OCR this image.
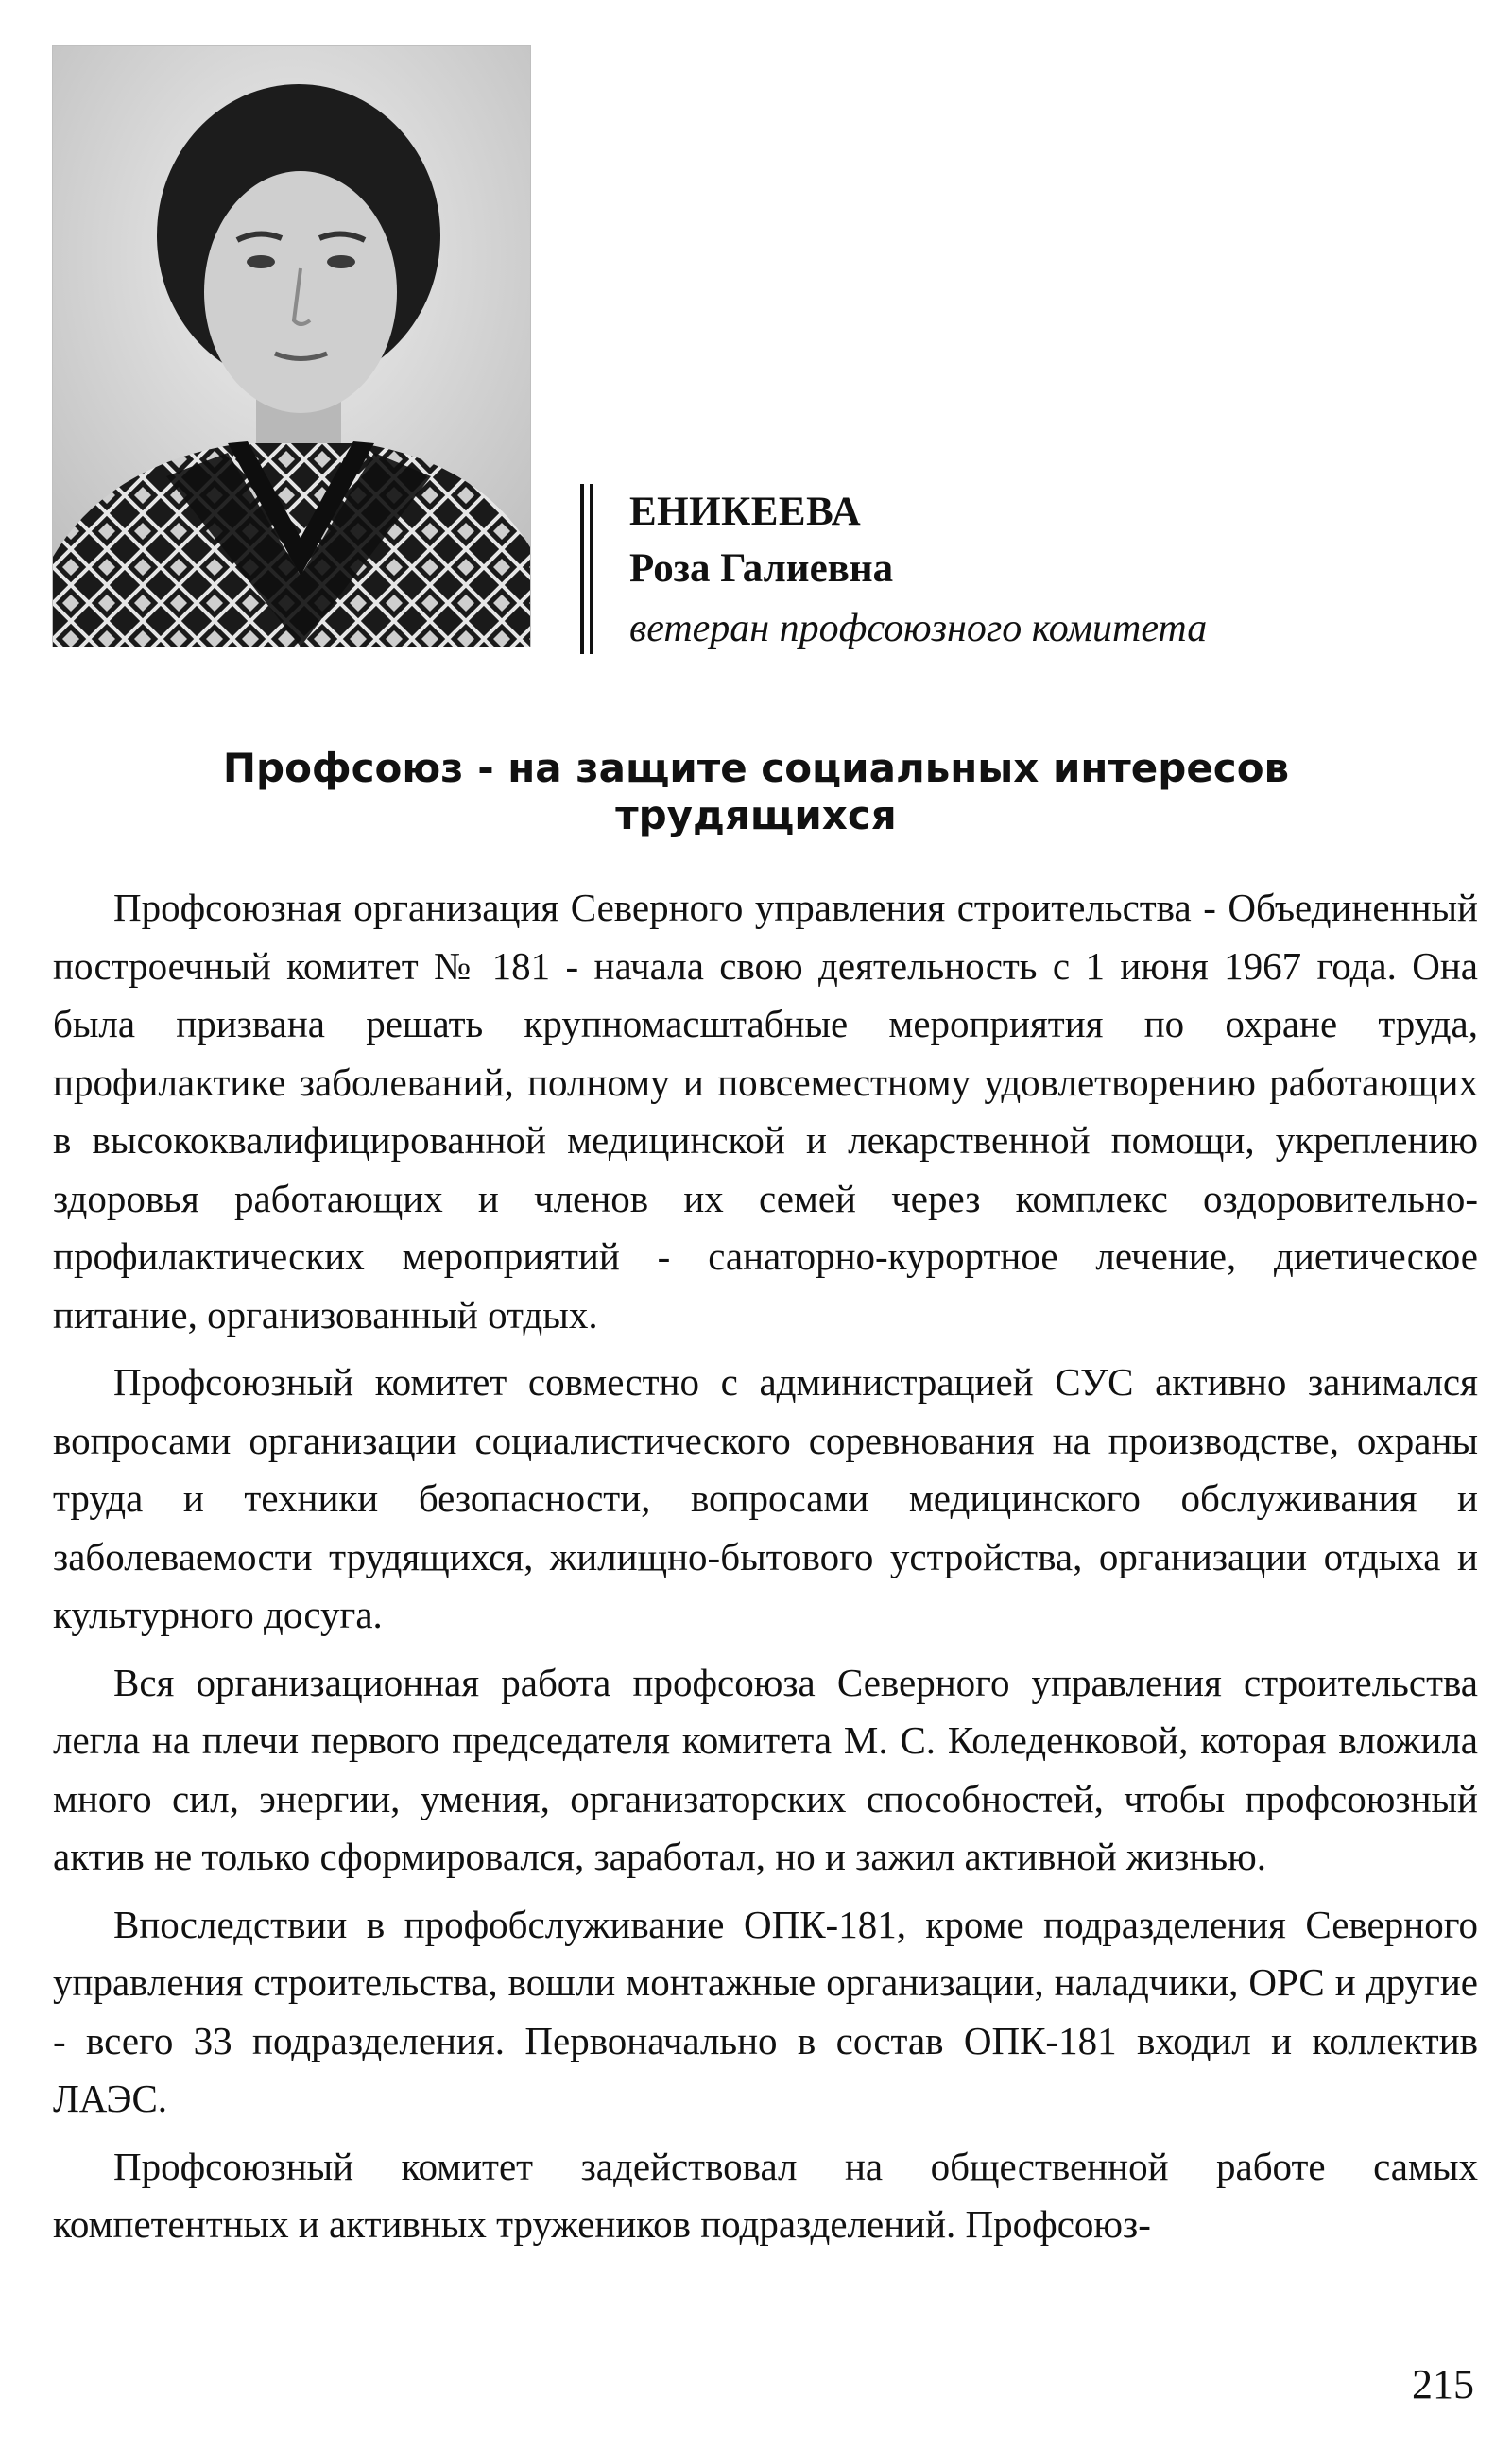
ЕНИКЕЕВА
Роза Галиевна
ветеран профсоюзного комитета
Профсоюз - на защите социальных интересов
трудящихся

Профсоюзная организация Северного управления строительства - Объединенный построечный комитет № 181 - начала свою деятельность с 1 июня 1967 года. Она была призвана решать крупномасштабные мероприятия по охране труда, профилактике заболеваний, полному и повсеместному удовлетворению работающих в высококвалифицированной медицинской и лекарственной помощи, укреплению здоровья работающих и членов их семей через комплекс оздоровительно-профилактических мероприятий - санаторно-курортное лечение, диетическое питание, организованный отдых.

Профсоюзный комитет совместно с администрацией СУС активно занимался вопросами организации социалистического соревнования на производстве, охраны труда и техники безопасности, вопросами медицинского обслуживания и заболеваемости трудящихся, жилищно-бытового устройства, организации отдыха и культурного досуга.

Вся организационная работа профсоюза Северного управления строительства легла на плечи первого председателя комитета М. С. Коледенковой, которая вложила много сил, энергии, умения, организаторских способностей, чтобы профсоюзный актив не только сформировался, заработал, но и зажил активной жизнью.

Впоследствии в профобслуживание ОПК-181, кроме подразделения Северного управления строительства, вошли монтажные организации, наладчики, ОРС и другие - всего 33 подразделения. Первоначально в состав ОПК-181 входил и коллектив ЛАЭС.

Профсоюзный комитет задействовал на общественной работе самых компетентных и активных тружеников подразделений. Профсоюз-

215
